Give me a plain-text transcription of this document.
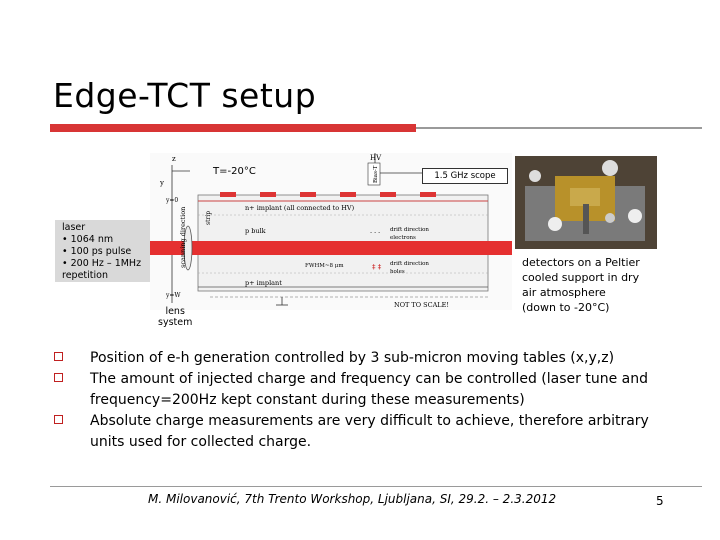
Edge-TCT setup
- - -
‡ ‡
z
y
y=0
y=W
scanning direction	strip
n+ implant (all connected to HV)
p bulk	drift direction
electrons
FWHM~8 μm	drift direction
holes
p+ implant
NOT TO SCALE!
Bias-T
HV
T=-20°C	1.5 GHz scope
laser
• 1064 nm
• 100 ps pulse
• 200 Hz – 1MHz
repetition
lens
system
detectors on a Peltier
cooled support in dry
air atmosphere
(down to -20°C)
Position of e-h generation controlled by 3 sub-micron moving tables (x,y,z)
The amount of injected charge and frequency can be controlled (laser tune and frequency=200Hz kept constant during these measurements)
Absolute charge measurements are very difficult to achieve, therefore arbitrary units used for collected charge.
M. Milovanović, 7th Trento Workshop, Ljubljana, SI, 29.2. – 2.3.2012	5
